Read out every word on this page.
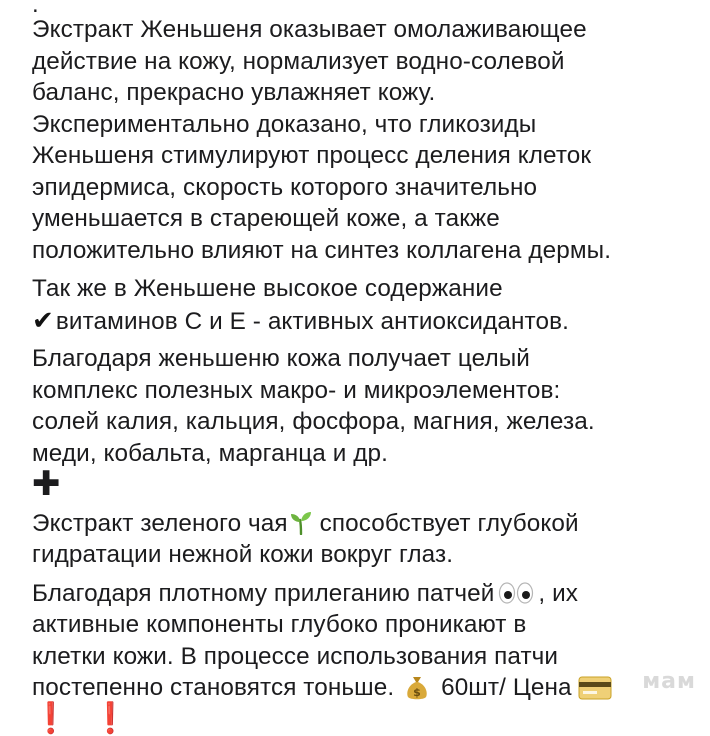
.
Экстракт Женьшеня оказывает омолаживающее
действие на кожу, нормализует водно-солевой
баланс, прекрасно увлажняет кожу.
Экспериментально доказано, что гликозиды
Женьшеня стимулируют процесс деления клеток
эпидермиса, скорость которого значительно
уменьшается в стареющей коже, а также
положительно влияют на синтез коллагена дермы.
Так же в Женьшене высокое содержание
✔витаминов С и Е - активных антиоксидантов.
Благодаря женьшеню кожа получает целый
комплекс полезных макро- и микроэлементов:
солей калия, кальция, фосфора, магния, железа.
меди, кобальта, марганца и др.
✚
Экстракт зеленого чая способствует глубокой
гидратации нежной кожи вокруг глаз.
Благодаря плотному прилеганию патчей , их
активные компоненты глубоко проникают в
клетки кожи. В процессе использования патчи
постепенно становятся тоньше. $ 60шт/ Цена
❗ ❗
мам
